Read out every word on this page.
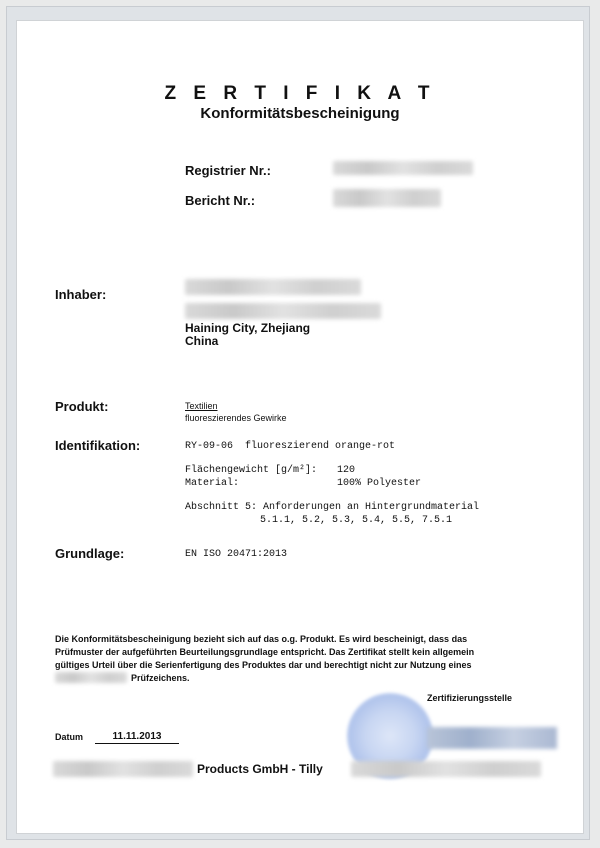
Z E R T I F I K A T
Konformitätsbescheinigung
Registrier Nr.:
Bericht Nr.:
Inhaber:
Haining City, Zhejiang
China
Produkt:	Textilien
fluoreszierendes Gewirke
Identifikation:	RY-09-06  fluoreszierend orange-rot
Flächengewicht [g/m²]: 120
Material:	100% Polyester
Abschnitt 5: Anforderungen an Hintergrundmaterial
5.1.1, 5.2, 5.3, 5.4, 5.5, 7.5.1
Grundlage:	EN ISO 20471:2013
Die Konformitätsbescheinigung bezieht sich auf das o.g. Produkt. Es wird bescheinigt, dass das
Prüfmuster der aufgeführten Beurteilungsgrundlage entspricht. Das Zertifikat stellt kein allgemein
gültiges Urteil über die Serienfertigung des Produktes dar und berechtigt nicht zur Nutzung eines
Prüfzeichens.
Zertifizierungsstelle
Datum	11.11.2013
Products GmbH - Tilly
